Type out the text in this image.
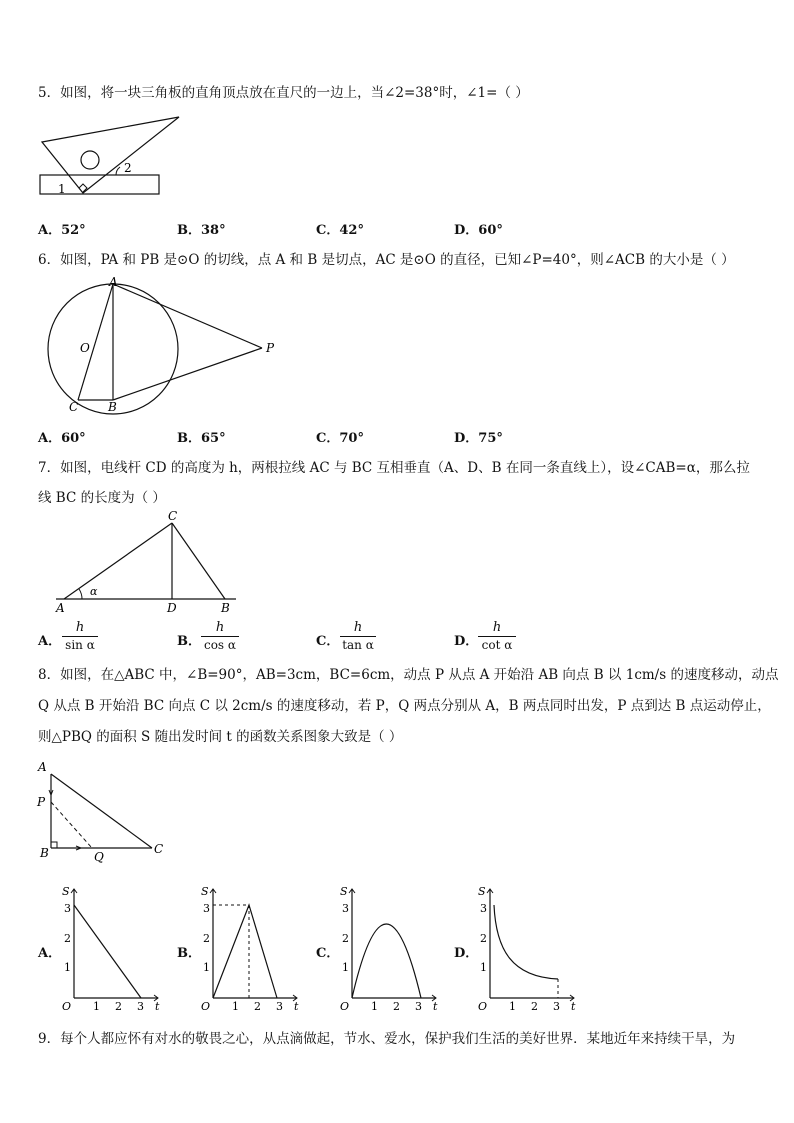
5．如图，将一块三角板的直角顶点放在直尺的一边上，当∠2=38°时，∠1=（ ）
1
2
A．52°	B．38°	C．42°	D．60°
6．如图，PA 和 PB 是⊙O 的切线，点 A 和 B 是切点，AC 是⊙O 的直径，已知∠P=40°，则∠ACB 的大小是（ ）
A
O	P
C B
A．60°	B．65°	C．70°	D．75°
7．如图，电线杆 CD 的高度为 h，两根拉线 AC 与 BC 互相垂直（A、D、B 在同一条直线上），设∠CAB=α，那么拉
线 BC 的长度为（ ）
C
A	D	B
α
A．
h
sin α	B．
h
cos α	C．
h
tan α	D．
h
cot α
8．如图，在△ABC 中，∠B=90°，AB=3cm，BC=6cm，动点 P 从点 A 开始沿 AB 向点 B 以 1cm/s 的速度移动，动点
Q 从点 B 开始沿 BC 向点 C 以 2cm/s 的速度移动，若 P，Q 两点分别从 A，B 两点同时出发，P 点到达 B 点运动停止，
则△PBQ 的面积 S 随出发时间 t 的函数关系图象大致是（ ）
A
P
B	Q
C
A．
S
O	t
1 2 3
1
2
3
B．
S
O	t
1 2 3
1
2
3
C．
S
O	t
1 2 3
1
2
3
D．
S
O	t
1 2 3
1
2
3
9．每个人都应怀有对水的敬畏之心，从点滴做起，节水、爱水，保护我们生活的美好世界．某地近年来持续干旱，为
